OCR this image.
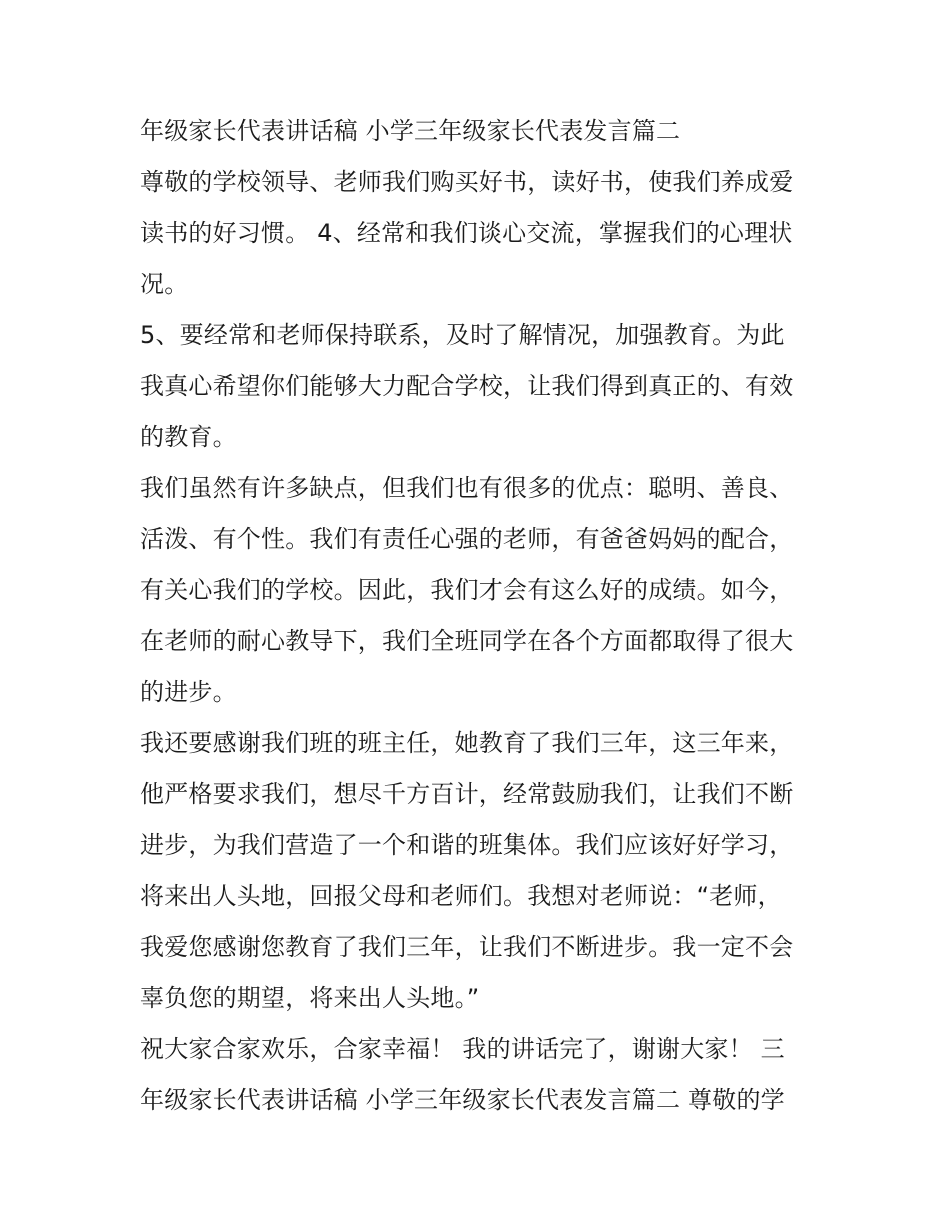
年级家长代表讲话稿 小学三年级家长代表发言篇二
尊敬的学校领导、老师我们购买好书，读好书，使我们养成爱
读书的好习惯。 4、经常和我们谈心交流，掌握我们的心理状
况。
5、要经常和老师保持联系，及时了解情况，加强教育。为此
我真心希望你们能够大力配合学校，让我们得到真正的、有效
的教育。
我们虽然有许多缺点，但我们也有很多的优点：聪明、善良、
活泼、有个性。我们有责任心强的老师，有爸爸妈妈的配合，
有关心我们的学校。因此，我们才会有这么好的成绩。如今，
在老师的耐心教导下，我们全班同学在各个方面都取得了很大
的进步。
我还要感谢我们班的班主任，她教育了我们三年，这三年来，
他严格要求我们，想尽千方百计，经常鼓励我们，让我们不断
进步，为我们营造了一个和谐的班集体。我们应该好好学习，
将来出人头地，回报父母和老师们。我想对老师说：“老师，
我爱您感谢您教育了我们三年，让我们不断进步。我一定不会
辜负您的期望，将来出人头地。”
祝大家合家欢乐，合家幸福！ 我的讲话完了，谢谢大家！ 三
年级家长代表讲话稿 小学三年级家长代表发言篇二 尊敬的学
